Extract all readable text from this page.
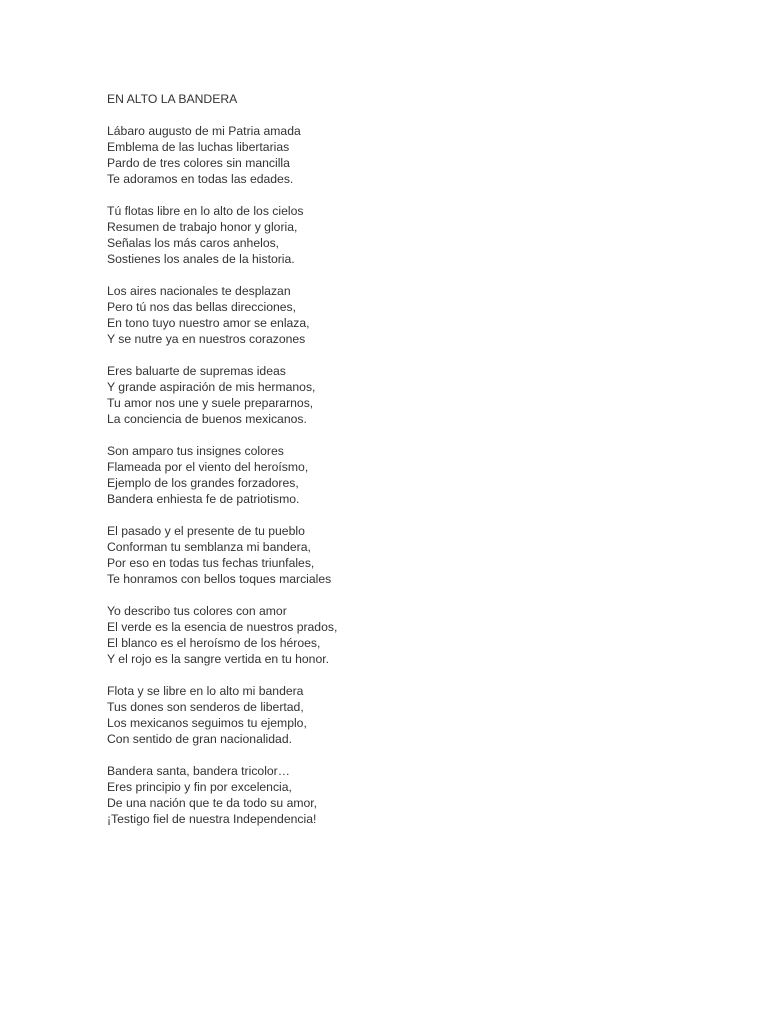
EN ALTO LA BANDERA
Lábaro augusto de mi Patria amada
Emblema de las luchas libertarias
Pardo de tres colores sin mancilla
Te adoramos en todas las edades.
Tú flotas libre en lo alto de los cielos
Resumen de trabajo honor y gloria,
Señalas los más caros anhelos,
Sostienes los anales de la historia.
Los aires nacionales te desplazan
Pero tú nos das bellas direcciones,
En tono tuyo nuestro amor se enlaza,
Y se nutre ya en nuestros corazones
Eres baluarte de supremas ideas
Y grande aspiración de mis hermanos,
Tu amor nos une y suele prepararnos,
La conciencia de buenos mexicanos.
Son amparo tus insignes colores
Flameada por el viento del heroísmo,
Ejemplo de los grandes forzadores,
Bandera enhiesta fe de patriotismo.
El pasado y el presente de tu pueblo
Conforman tu semblanza mi bandera,
Por eso en todas tus fechas triunfales,
Te honramos con bellos toques marciales
Yo describo tus colores con amor
El verde es la esencia de nuestros prados,
El blanco es el heroísmo de los héroes,
Y el rojo es la sangre vertida en tu honor.
Flota y se libre en lo alto mi bandera
Tus dones son senderos de libertad,
Los mexicanos seguimos tu ejemplo,
Con sentido de gran nacionalidad.
Bandera santa, bandera tricolor…
Eres principio y fin por excelencia,
De una nación que te da todo su amor,
¡Testigo fiel de nuestra Independencia!
